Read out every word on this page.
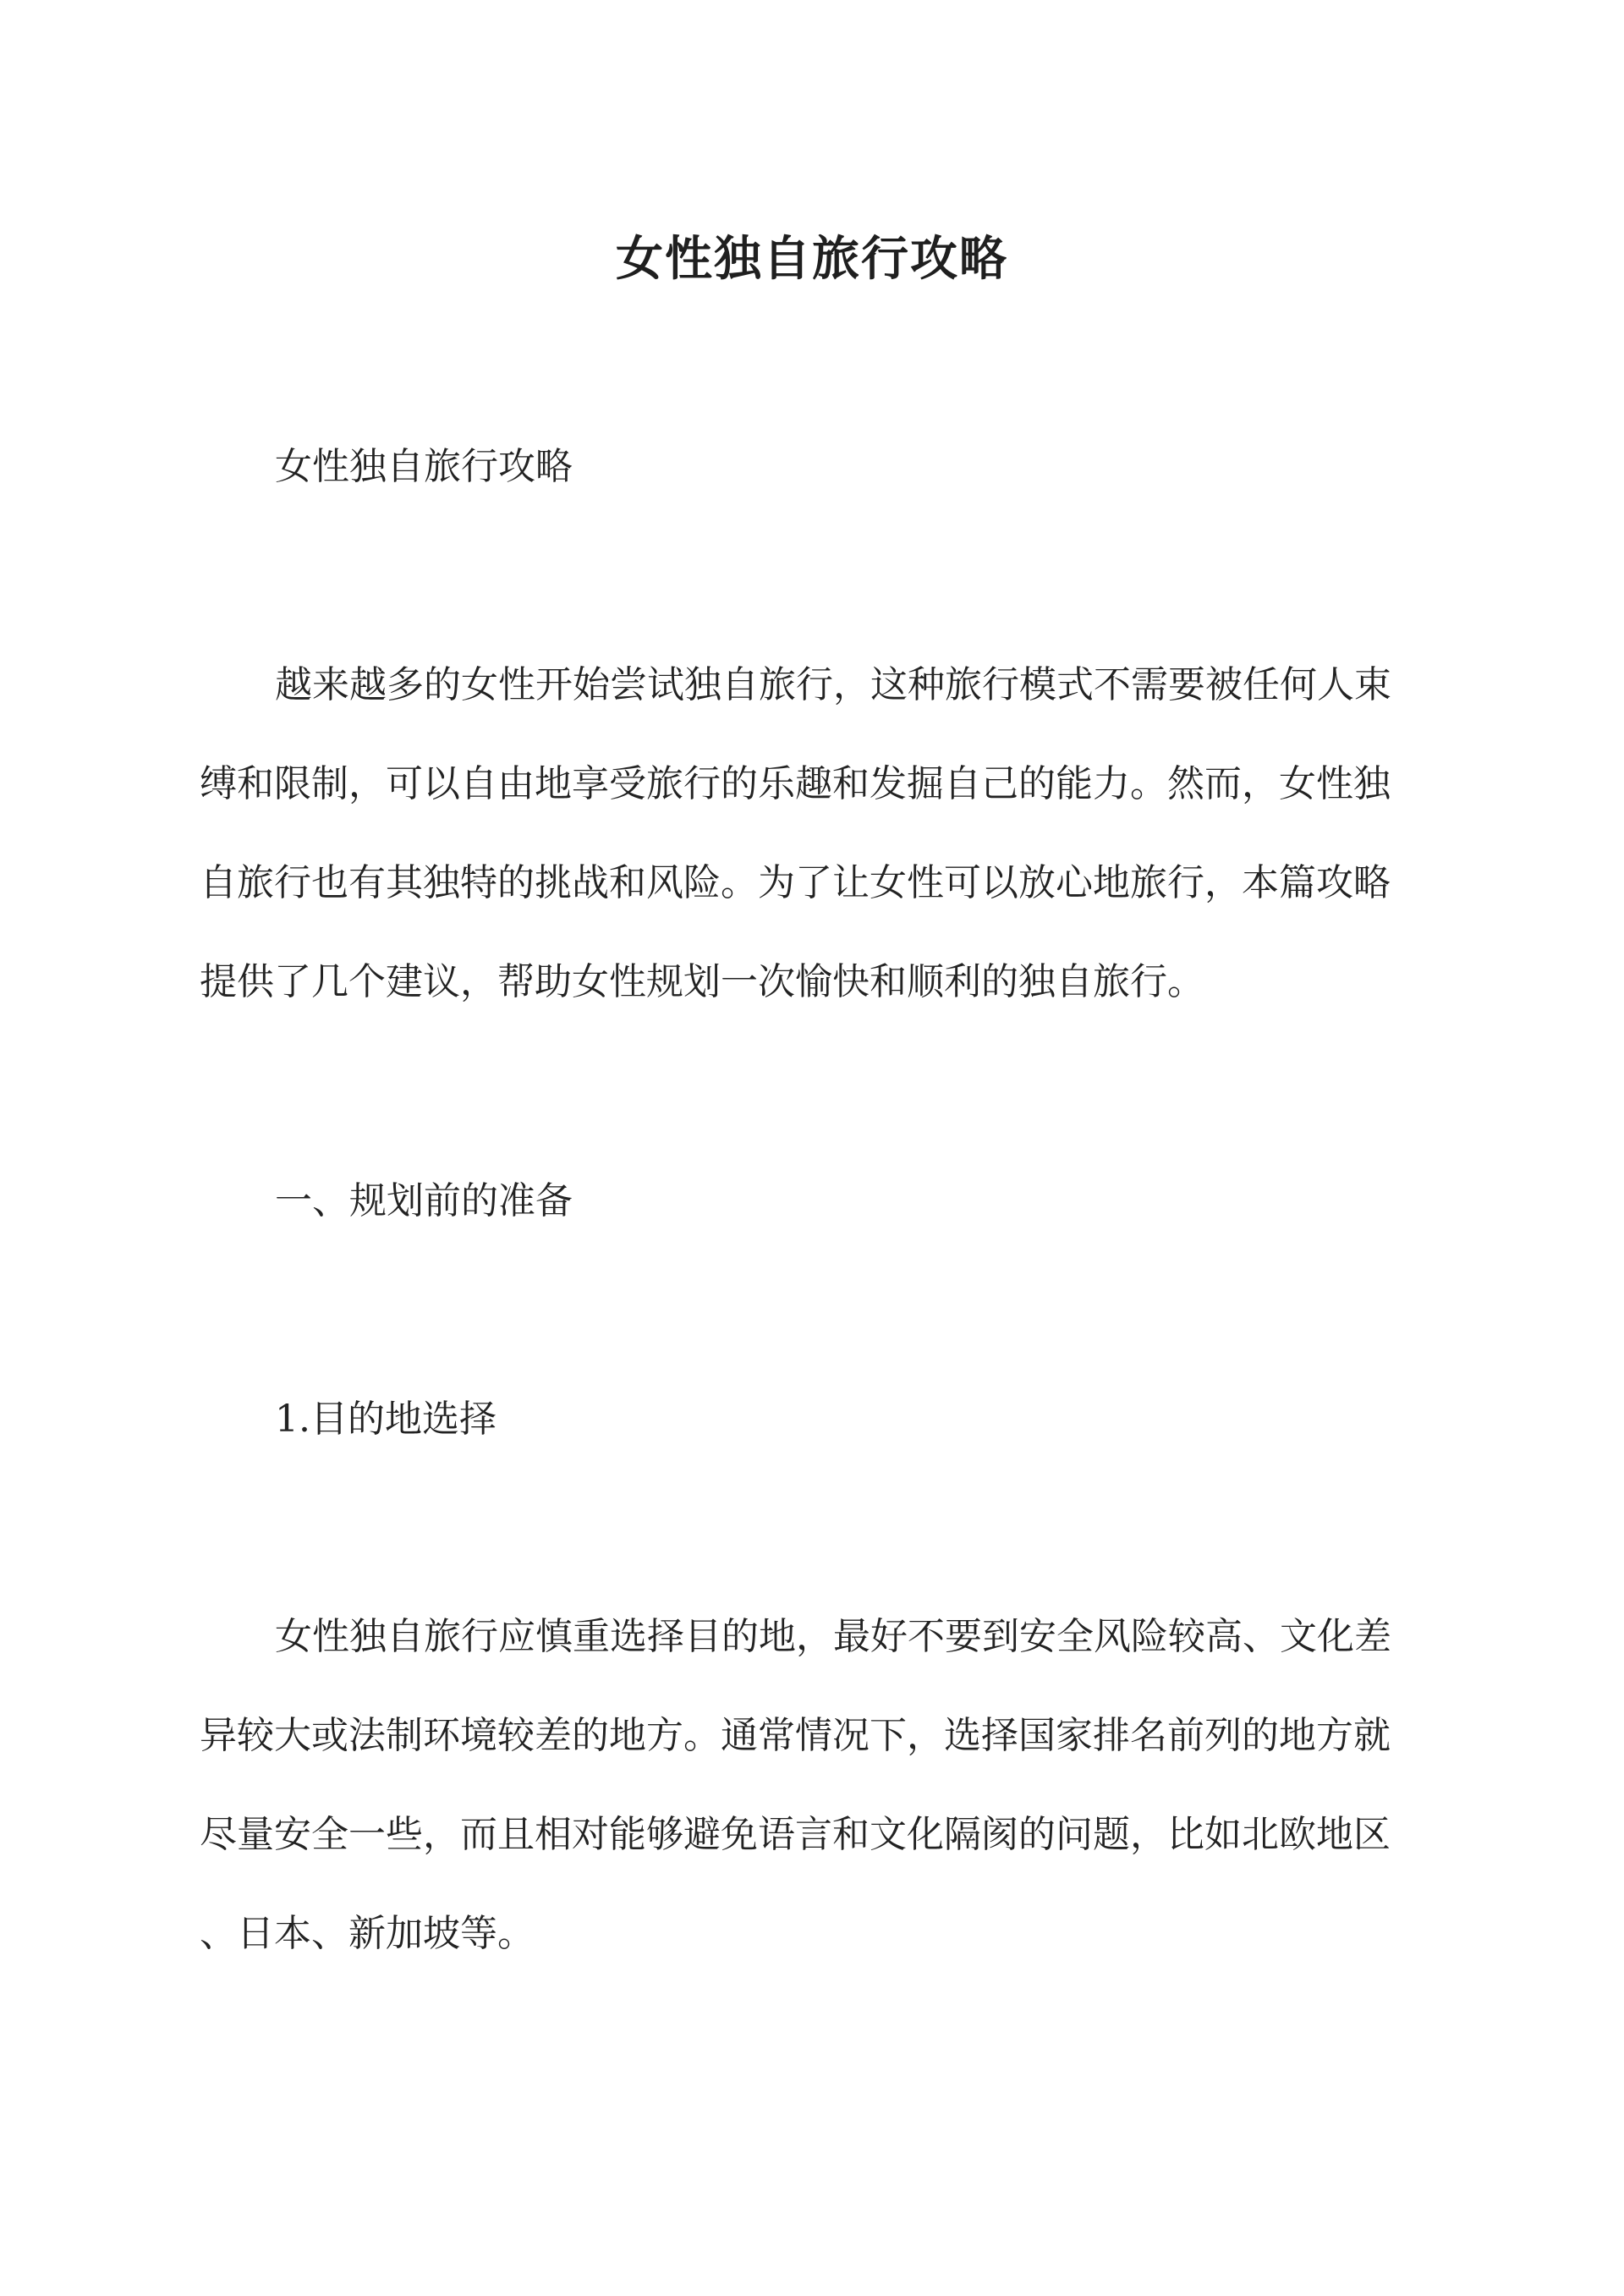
女性独自旅行攻略

女性独自旅行攻略

越来越多的女性开始尝试独自旅行，这种旅行模式不需要被任何人束
缚和限制，可以自由地享受旅行的乐趣和发掘自己的能力。然而，女性独
自旅行也有其独特的挑战和风险。为了让女性可以放心地旅行，本篇攻略
提供了几个建议，帮助女性规划一次愉快和顺利的独自旅行。

一、规划前的准备

1.目的地选择

女性独自旅行应慎重选择目的地，最好不要到安全风险较高、文化差
异较大或法制环境较差的地方。通常情况下，选择国家排名前列的地方就
尽量安全一些，而且相对能够避免语言和文化隔阂的问题，比如北欧地区
、日本、新加坡等。
